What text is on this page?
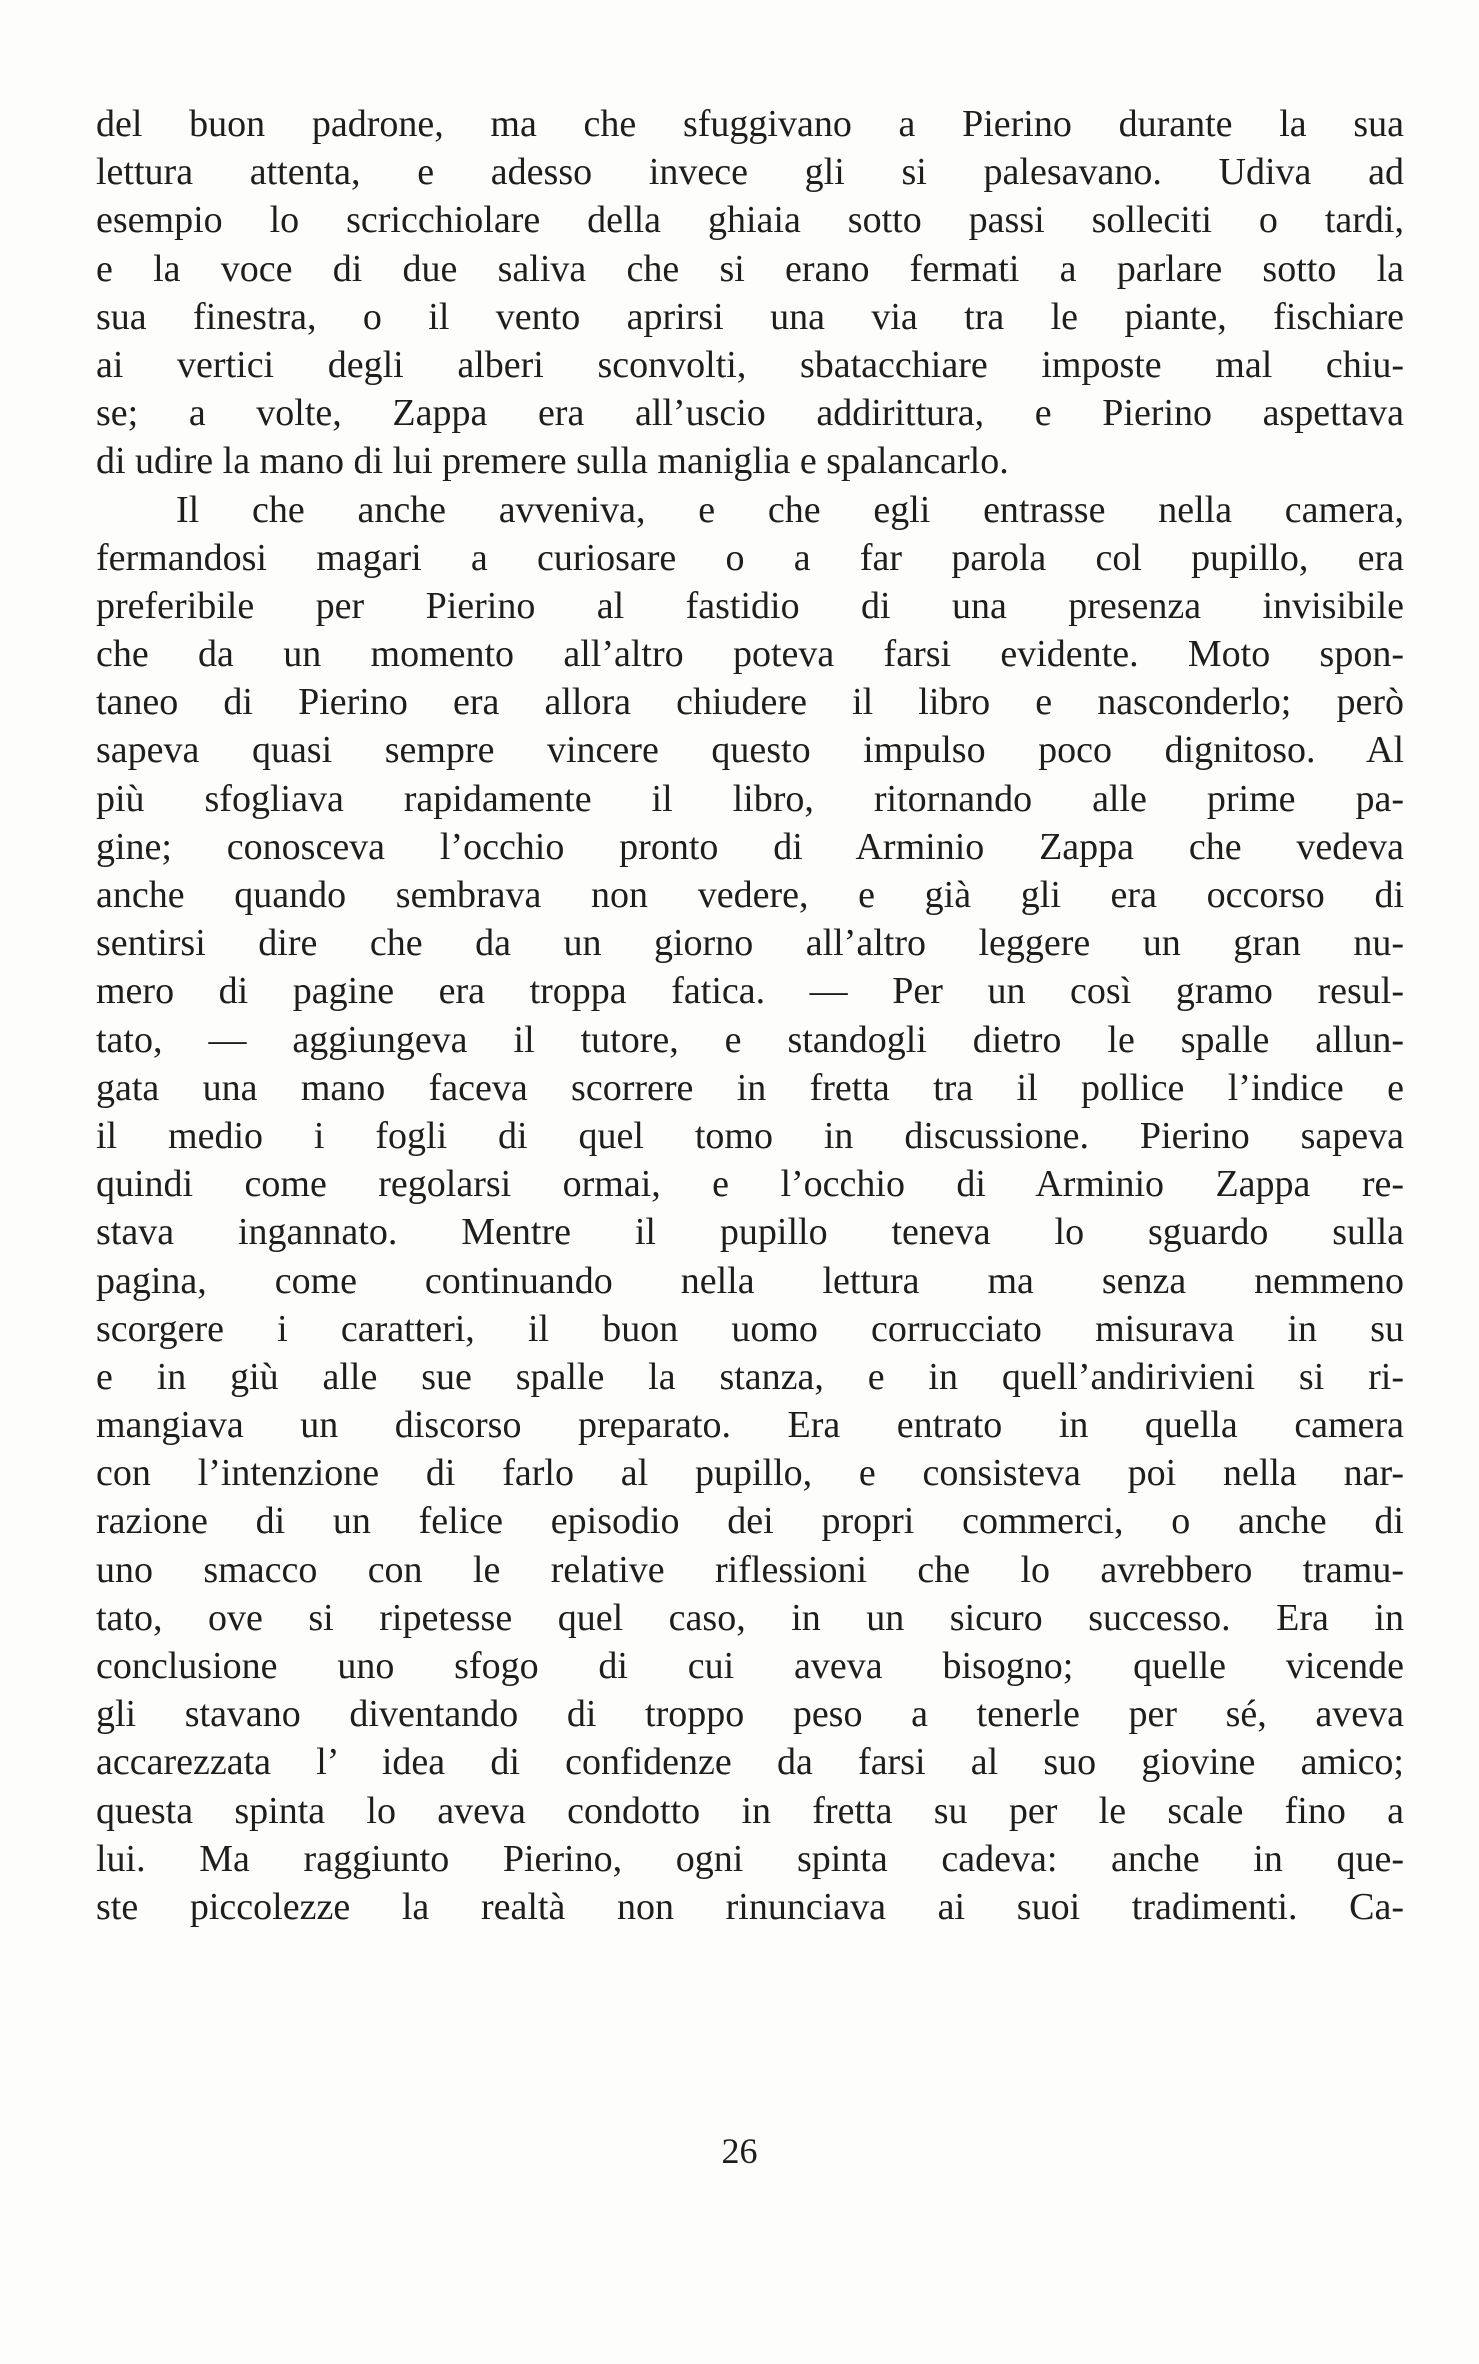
del buon padrone, ma che sfuggivano a Pierino durante la sua
lettura attenta, e adesso invece gli si palesavano. Udiva ad
esempio lo scricchiolare della ghiaia sotto passi solleciti o tardi,
e la voce di due saliva che si erano fermati a parlare sotto la
sua finestra, o il vento aprirsi una via tra le piante, fischiare
ai vertici degli alberi sconvolti, sbatacchiare imposte mal chiu-
se; a volte, Zappa era all’uscio addirittura, e Pierino aspettava
di udire la mano di lui premere sulla maniglia e spalancarlo.
Il che anche avveniva, e che egli entrasse nella camera,
fermandosi magari a curiosare o a far parola col pupillo, era
preferibile per Pierino al fastidio di una presenza invisibile
che da un momento all’altro poteva farsi evidente. Moto spon-
taneo di Pierino era allora chiudere il libro e nasconderlo; però
sapeva quasi sempre vincere questo impulso poco dignitoso. Al
più sfogliava rapidamente il libro, ritornando alle prime pa-
gine; conosceva l’occhio pronto di Arminio Zappa che vedeva
anche quando sembrava non vedere, e già gli era occorso di
sentirsi dire che da un giorno all’altro leggere un gran nu-
mero di pagine era troppa fatica. — Per un così gramo resul-
tato, — aggiungeva il tutore, e standogli dietro le spalle allun-
gata una mano faceva scorrere in fretta tra il pollice l’indice e
il medio i fogli di quel tomo in discussione. Pierino sapeva
quindi come regolarsi ormai, e l’occhio di Arminio Zappa re-
stava ingannato. Mentre il pupillo teneva lo sguardo sulla
pagina, come continuando nella lettura ma senza nemmeno
scorgere i caratteri, il buon uomo corrucciato misurava in su
e in giù alle sue spalle la stanza, e in quell’andirivieni si ri-
mangiava un discorso preparato. Era entrato in quella camera
con l’intenzione di farlo al pupillo, e consisteva poi nella nar-
razione di un felice episodio dei propri commerci, o anche di
uno smacco con le relative riflessioni che lo avrebbero tramu-
tato, ove si ripetesse quel caso, in un sicuro successo. Era in
conclusione uno sfogo di cui aveva bisogno; quelle vicende
gli stavano diventando di troppo peso a tenerle per sé, aveva
accarezzata l’ idea di confidenze da farsi al suo giovine amico;
questa spinta lo aveva condotto in fretta su per le scale fino a
lui. Ma raggiunto Pierino, ogni spinta cadeva: anche in que-
ste piccolezze la realtà non rinunciava ai suoi tradimenti. Ca-
26
